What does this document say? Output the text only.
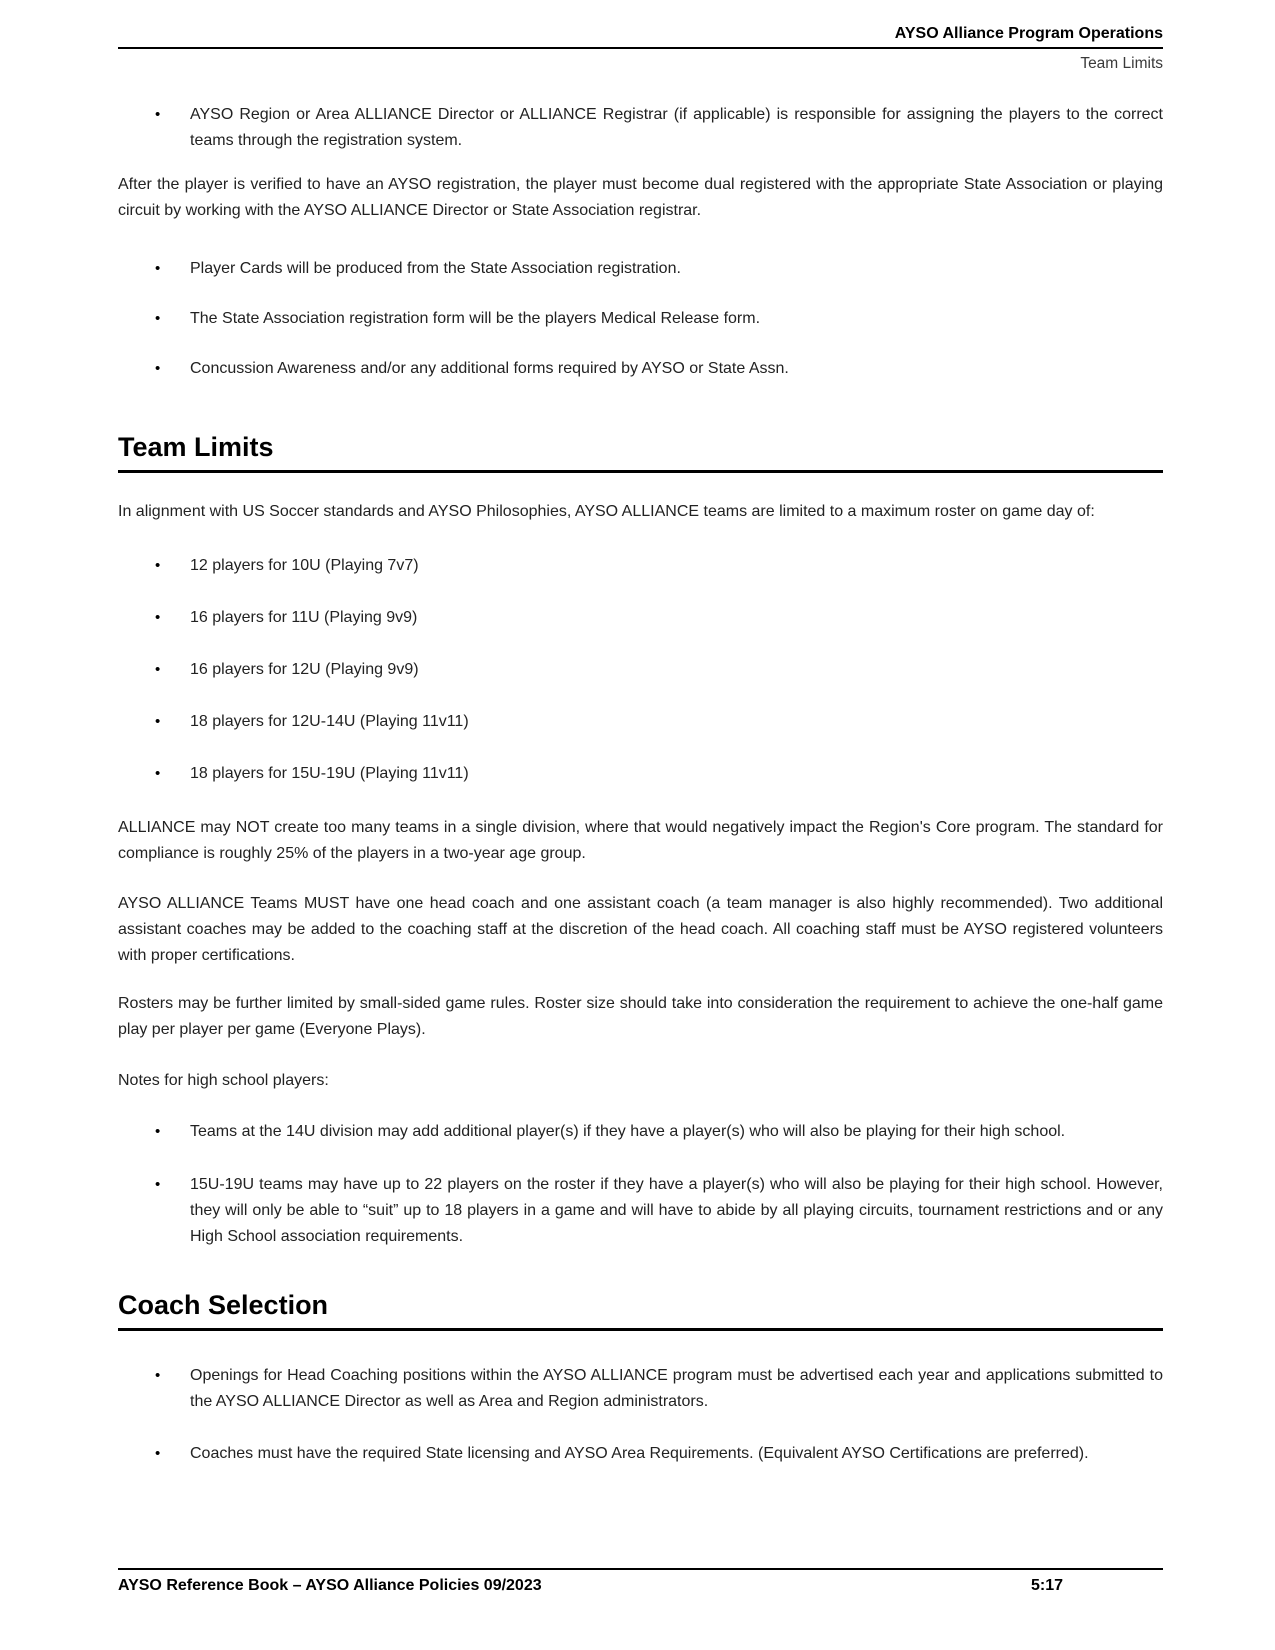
AYSO Alliance Program Operations
Team Limits
•	AYSO Region or Area ALLIANCE Director or ALLIANCE Registrar (if applicable) is responsible for assigning the players to the correct teams through the registration system.

After the player is verified to have an AYSO registration, the player must become dual registered with the appropriate State Association or playing circuit by working with the AYSO ALLIANCE Director or State Association registrar.

•	Player Cards will be produced from the State Association registration.
•	The State Association registration form will be the players Medical Release form.
•	Concussion Awareness and/or any additional forms required by AYSO or State Assn.
Team Limits

In alignment with US Soccer standards and AYSO Philosophies, AYSO ALLIANCE teams are limited to a maximum roster on game day of:

•	12 players for 10U (Playing 7v7)
•	16 players for 11U (Playing 9v9)
•	16 players for 12U (Playing 9v9)
•	18 players for 12U-14U (Playing 11v11)
•	18 players for 15U-19U (Playing 11v11)

ALLIANCE may NOT create too many teams in a single division, where that would negatively impact the Region's Core program. The standard for compliance is roughly 25% of the players in a two-year age group.

AYSO ALLIANCE Teams MUST have one head coach and one assistant coach (a team manager is also highly recommended). Two additional assistant coaches may be added to the coaching staff at the discretion of the head coach. All coaching staff must be AYSO registered volunteers with proper certifications.

Rosters may be further limited by small-sided game rules. Roster size should take into consideration the requirement to achieve the one-half game play per player per game (Everyone Plays).

Notes for high school players:

•	Teams at the 14U division may add additional player(s) if they have a player(s) who will also be playing for their high school.
•	15U-19U teams may have up to 22 players on the roster if they have a player(s) who will also be playing for their high school. However, they will only be able to “suit” up to 18 players in a game and will have to abide by all playing circuits, tournament restrictions and or any High School association requirements.
Coach Selection
•	Openings for Head Coaching positions within the AYSO ALLIANCE program must be advertised each year and applications submitted to the AYSO ALLIANCE Director as well as Area and Region administrators.
•	Coaches must have the required State licensing and AYSO Area Requirements. (Equivalent AYSO Certifications are preferred).
AYSO Reference Book – AYSO Alliance Policies 09/2023	5:17
